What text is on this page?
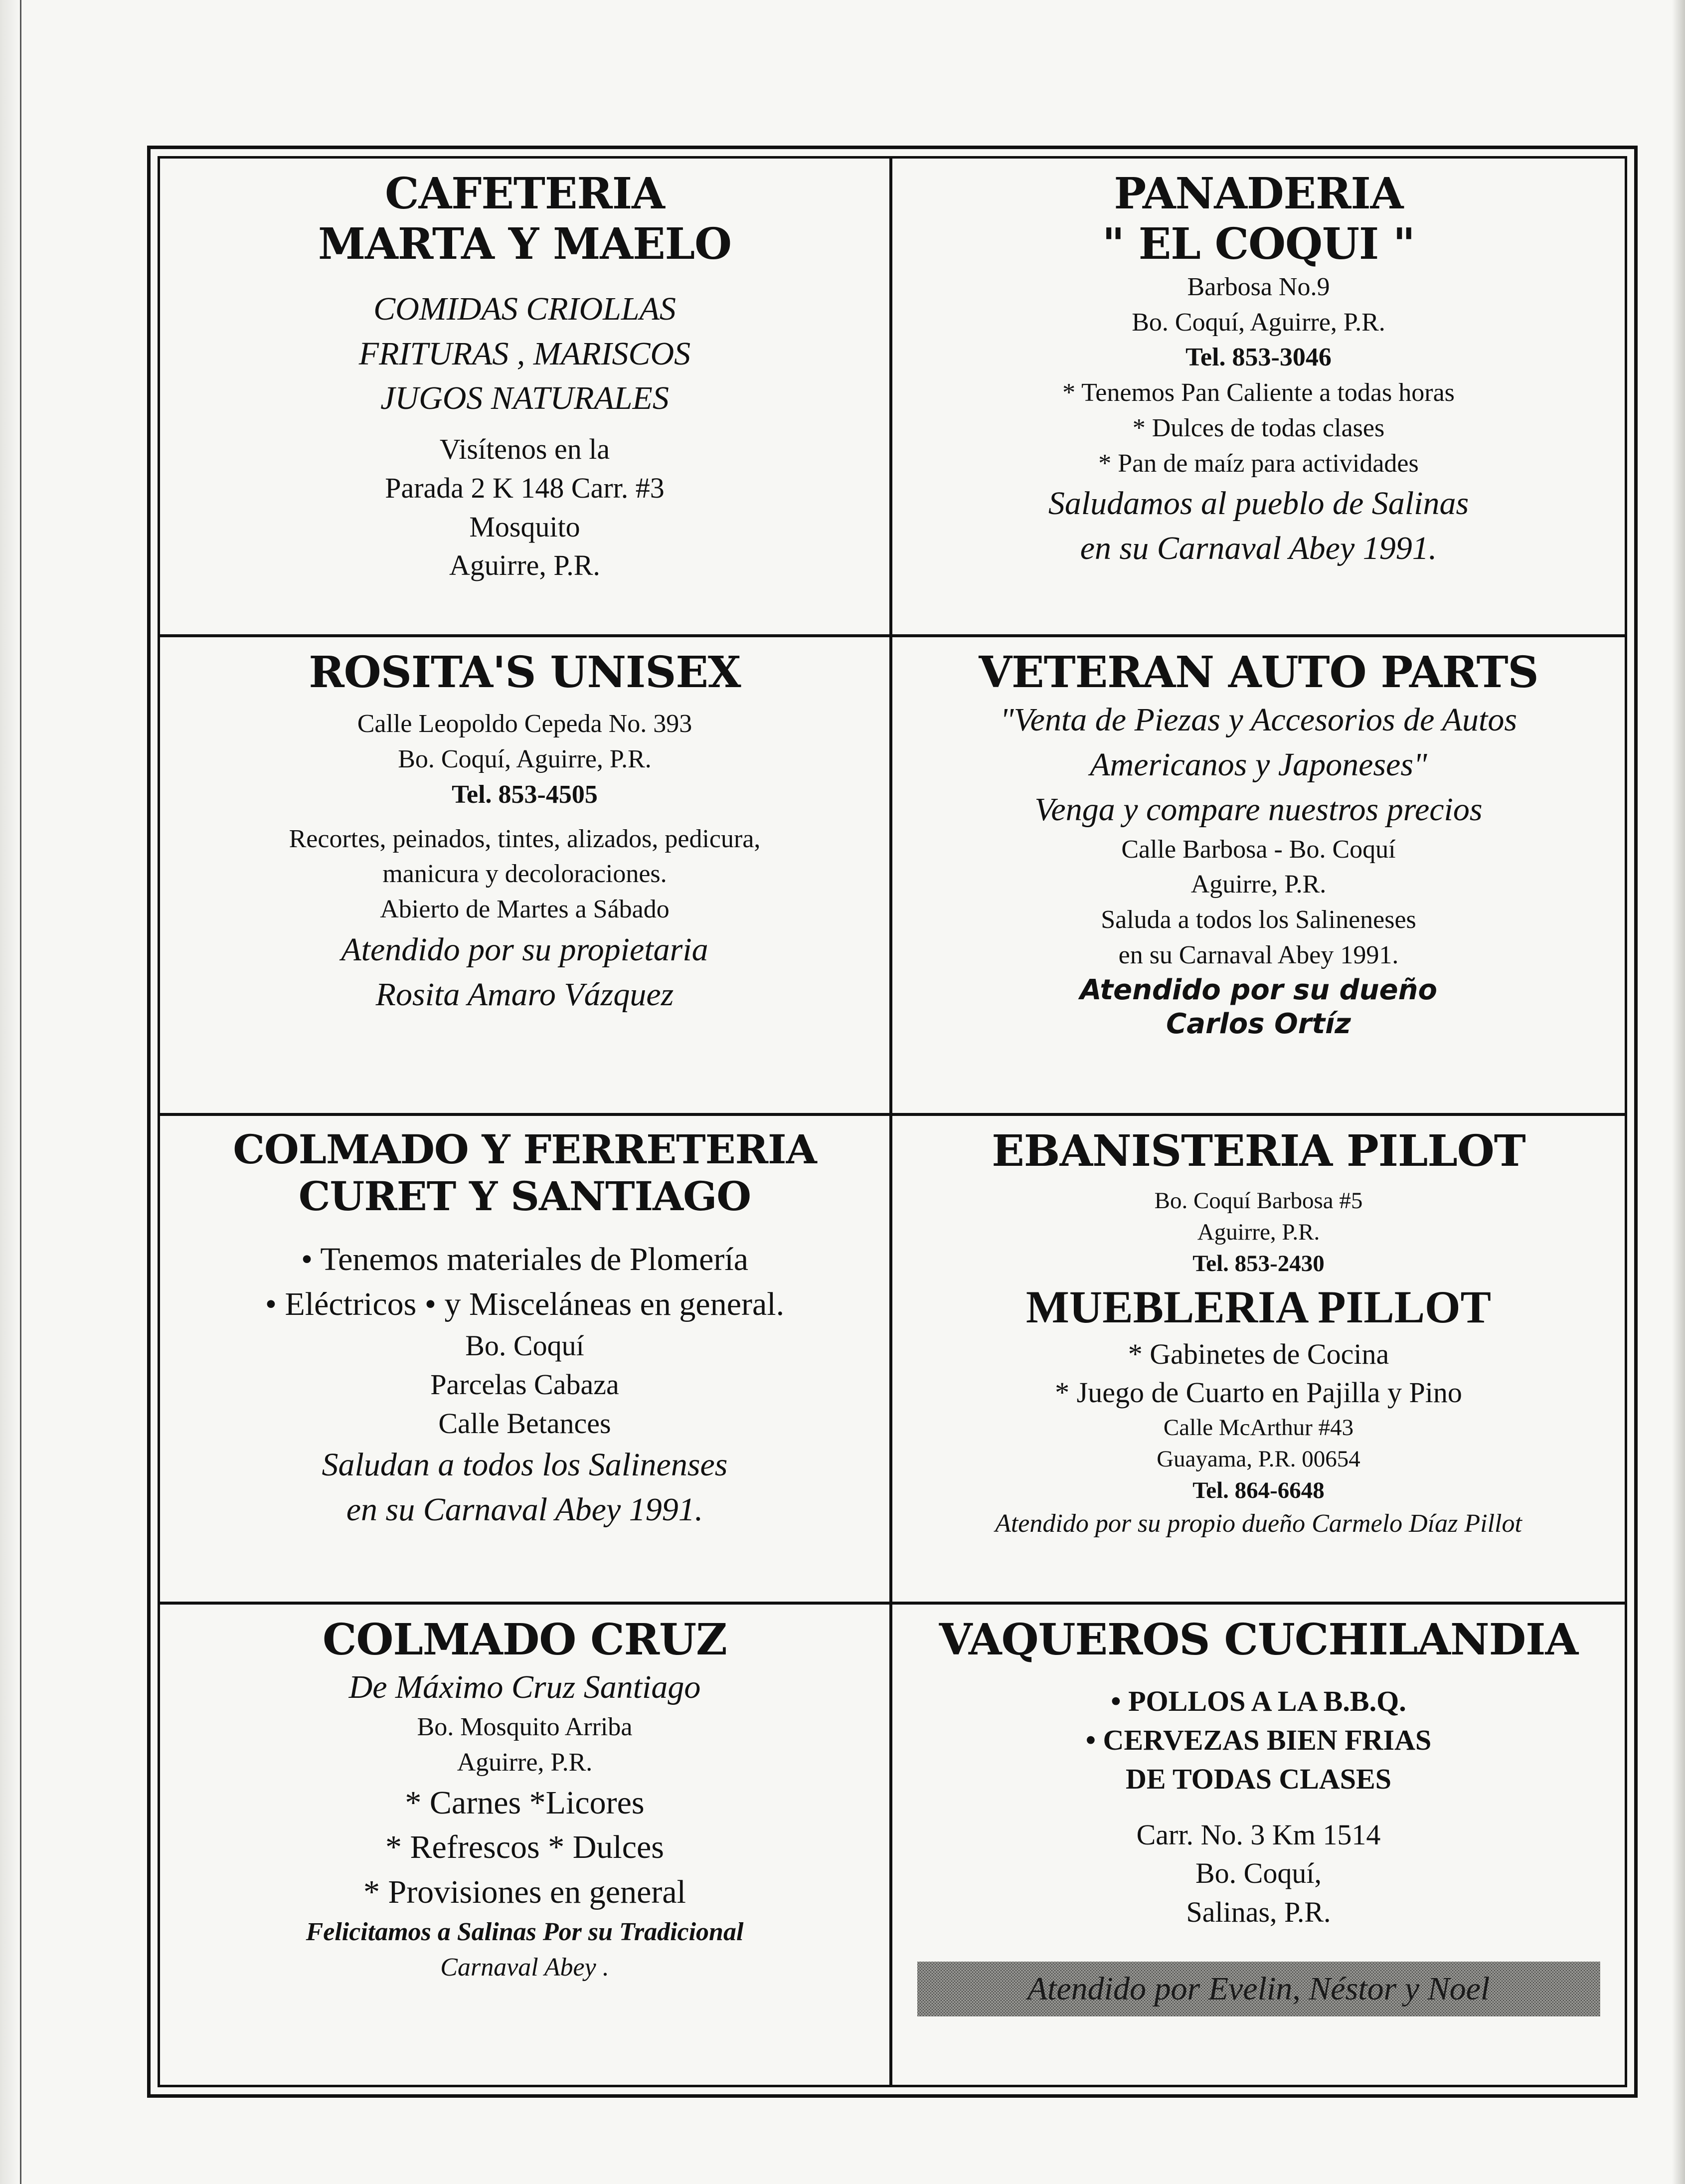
CAFETERIA
MARTA Y MAELO
COMIDAS CRIOLLAS
FRITURAS , MARISCOS
JUGOS NATURALES
Visítenos en la
Parada 2 K 148 Carr. #3
Mosquito
Aguirre, P.R.
PANADERIA
" EL COQUI "
Barbosa No.9
Bo. Coquí, Aguirre, P.R.
Tel. 853-3046
* Tenemos Pan Caliente a todas horas
* Dulces de todas clases
* Pan de maíz para actividades
Saludamos al pueblo de Salinas
en su Carnaval Abey 1991.
ROSITA'S UNISEX
Calle Leopoldo Cepeda No. 393
Bo. Coquí, Aguirre, P.R.
Tel. 853-4505
Recortes, peinados, tintes, alizados, pedicura,
manicura y decoloraciones.
Abierto de Martes a Sábado
Atendido por su propietaria
Rosita Amaro Vázquez
VETERAN AUTO PARTS
"Venta de Piezas y Accesorios de Autos
Americanos y Japoneses"
Venga y compare nuestros precios
Calle Barbosa - Bo. Coquí
Aguirre, P.R.
Saluda a todos los Salineneses
en su Carnaval Abey 1991.
Atendido por su dueño
Carlos Ortíz
COLMADO Y FERRETERIA
CURET Y SANTIAGO
• Tenemos materiales de Plomería
• Eléctricos • y Misceláneas en general.
Bo. Coquí
Parcelas Cabaza
Calle Betances
Saludan a todos los Salinenses
en su Carnaval Abey 1991.
EBANISTERIA PILLOT
Bo. Coquí Barbosa #5
Aguirre, P.R.
Tel. 853-2430
MUEBLERIA PILLOT
* Gabinetes de Cocina
* Juego de Cuarto en Pajilla y Pino
Calle McArthur #43
Guayama, P.R. 00654
Tel. 864-6648
Atendido por su propio dueño Carmelo Díaz Pillot
COLMADO CRUZ
De Máximo Cruz Santiago
Bo. Mosquito Arriba
Aguirre, P.R.
* Carnes *Licores
* Refrescos * Dulces
* Provisiones en general
Felicitamos a Salinas Por su Tradicional
Carnaval Abey .
VAQUEROS CUCHILANDIA
• POLLOS A LA B.B.Q.
• CERVEZAS BIEN FRIAS
DE TODAS CLASES
Carr. No. 3 Km 1514
Bo. Coquí,
Salinas, P.R.
Atendido por Evelin, Néstor y Noel
